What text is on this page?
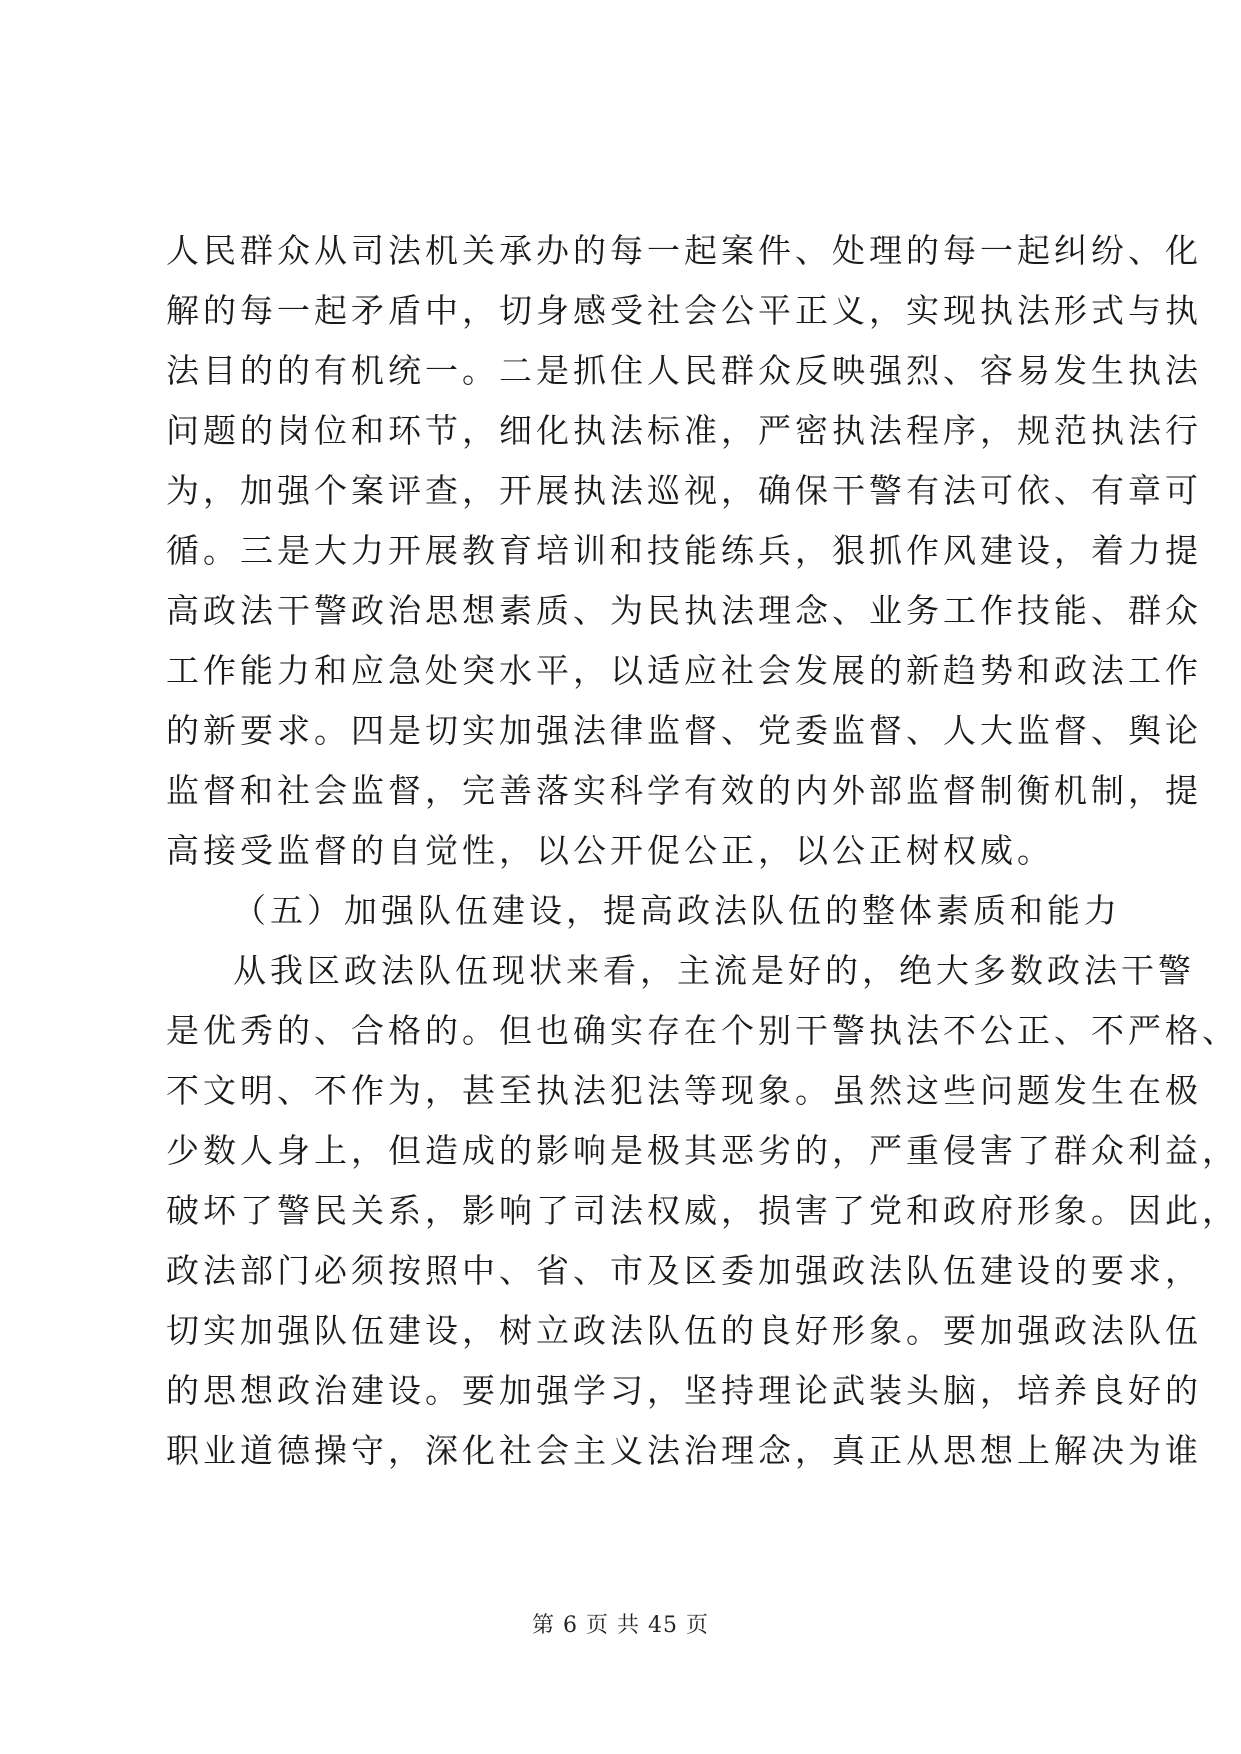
人民群众从司法机关承办的每一起案件、处理的每一起纠纷、化
解的每一起矛盾中，切身感受社会公平正义，实现执法形式与执
法目的的有机统一。二是抓住人民群众反映强烈、容易发生执法
问题的岗位和环节，细化执法标准，严密执法程序，规范执法行
为，加强个案评查，开展执法巡视，确保干警有法可依、有章可
循。三是大力开展教育培训和技能练兵，狠抓作风建设，着力提
高政法干警政治思想素质、为民执法理念、业务工作技能、群众
工作能力和应急处突水平，以适应社会发展的新趋势和政法工作
的新要求。四是切实加强法律监督、党委监督、人大监督、舆论
监督和社会监督，完善落实科学有效的内外部监督制衡机制，提
高接受监督的自觉性，以公开促公正，以公正树权威。
（五）加强队伍建设，提高政法队伍的整体素质和能力
从我区政法队伍现状来看，主流是好的，绝大多数政法干警
是优秀的、合格的。但也确实存在个别干警执法不公正、不严格、
不文明、不作为，甚至执法犯法等现象。虽然这些问题发生在极
少数人身上，但造成的影响是极其恶劣的，严重侵害了群众利益，
破坏了警民关系，影响了司法权威，损害了党和政府形象。因此，
政法部门必须按照中、省、市及区委加强政法队伍建设的要求，
切实加强队伍建设，树立政法队伍的良好形象。要加强政法队伍
的思想政治建设。要加强学习，坚持理论武装头脑，培养良好的
职业道德操守，深化社会主义法治理念，真正从思想上解决为谁
第 6 页 共 45 页
